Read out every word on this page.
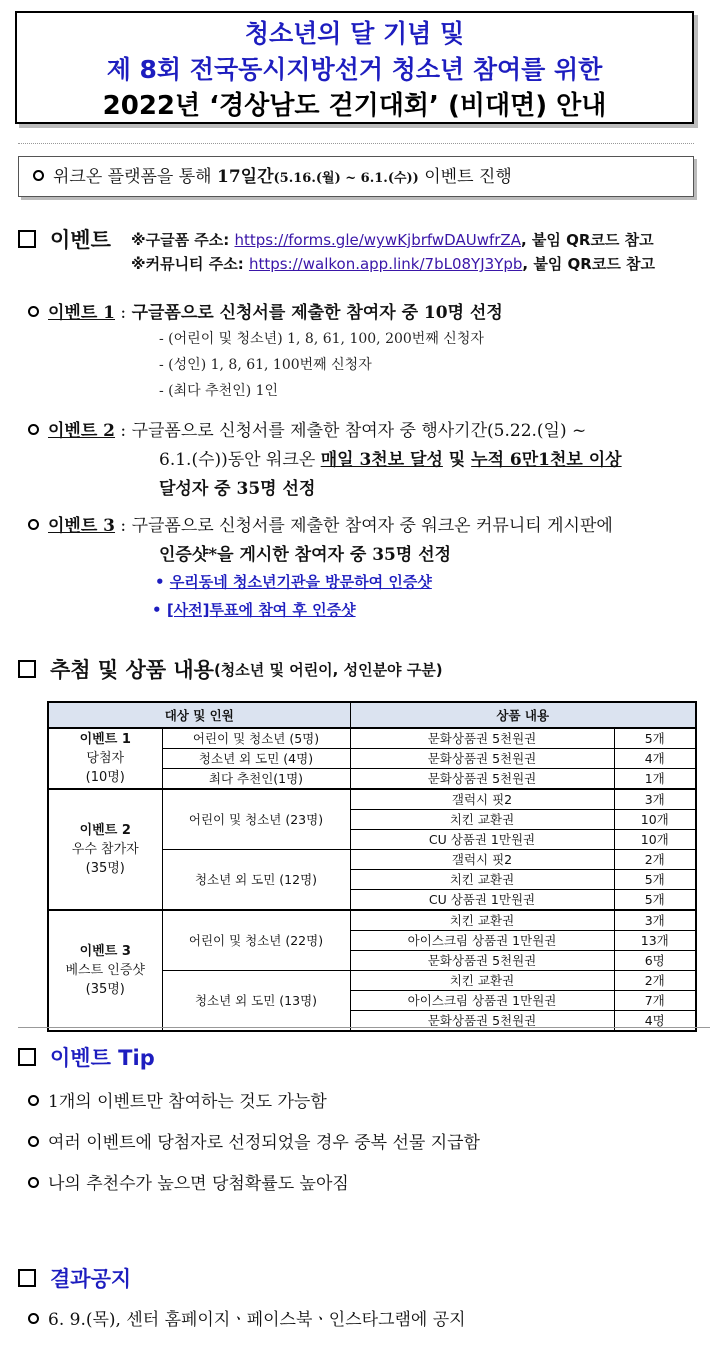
청소년의 달 기념 및
제 8회 전국동시지방선거 청소년 참여를 위한
2022년 ‘경상남도 걷기대회’ (비대면) 안내
위크온 플랫폼을 통해 17일간(5.16.(월) ~ 6.1.(수)) 이벤트 진행
이벤트 ※구글폼 주소: https://forms.gle/wywKjbrfwDAUwfrZA, 붙임 QR코드 참고
※커뮤니티 주소: https://walkon.app.link/7bL08YJ3Ypb, 붙임 QR코드 참고
이벤트 1 : 구글폼으로 신청서를 제출한 참여자 중 10명 선정
- (어린이 및 청소년) 1, 8, 61, 100, 200번째 신청자
- (성인) 1, 8, 61, 100번째 신청자
- (최다 추천인) 1인
이벤트 2 : 구글폼으로 신청서를 제출한 참여자 중 행사기간(5.22.(일) ~
6.1.(수))동안 워크온 매일 3천보 달성 및 누적 6만1천보 이상
달성자 중 35명 선정
이벤트 3 : 구글폼으로 신청서를 제출한 참여자 중 워크온 커뮤니티 게시판에
인증샷*을 게시한 참여자 중 35명 선정
• 우리동네 청소년기관을 방문하여 인증샷
• [사전]투표에 참여 후 인증샷
추첨 및 상품 내용 (청소년 및 어린이, 성인분야 구분)
대상 및 인원		상품 내용	

이벤트 1
당첨자
(10명)	어린이 및 청소년 (5명)	문화상품권 5천원권	5개
	청소년 외 도민 (4명)	문화상품권 5천원권	4개
	최다 추천인(1명)	문화상품권 5천원권	1개

이벤트 2
우수 참가자
(35명)	어린이 및 청소년 (23명)	갤럭시 핏2	3개
		치킨 교환권	10개
		CU 상품권 1만원권	10개
	청소년 외 도민 (12명)	갤럭시 핏2	2개
		치킨 교환권	5개
		CU 상품권 1만원권	5개

이벤트 3
베스트 인증샷
(35명)	어린이 및 청소년 (22명)	치킨 교환권	3개
		아이스크림 상품권 1만원권	13개
		문화상품권 5천원권	6명
	청소년 외 도민 (13명)	치킨 교환권	2개
		아이스크림 상품권 1만원권	7개
		문화상품권 5천원권	4명
이벤트 Tip
1개의 이벤트만 참여하는 것도 가능함
여러 이벤트에 당첨자로 선정되었을 경우 중복 선물 지급함
나의 추천수가 높으면 당첨확률도 높아짐
결과공지
6. 9.(목), 센터 홈페이지ㆍ페이스북ㆍ인스타그램에 공지
